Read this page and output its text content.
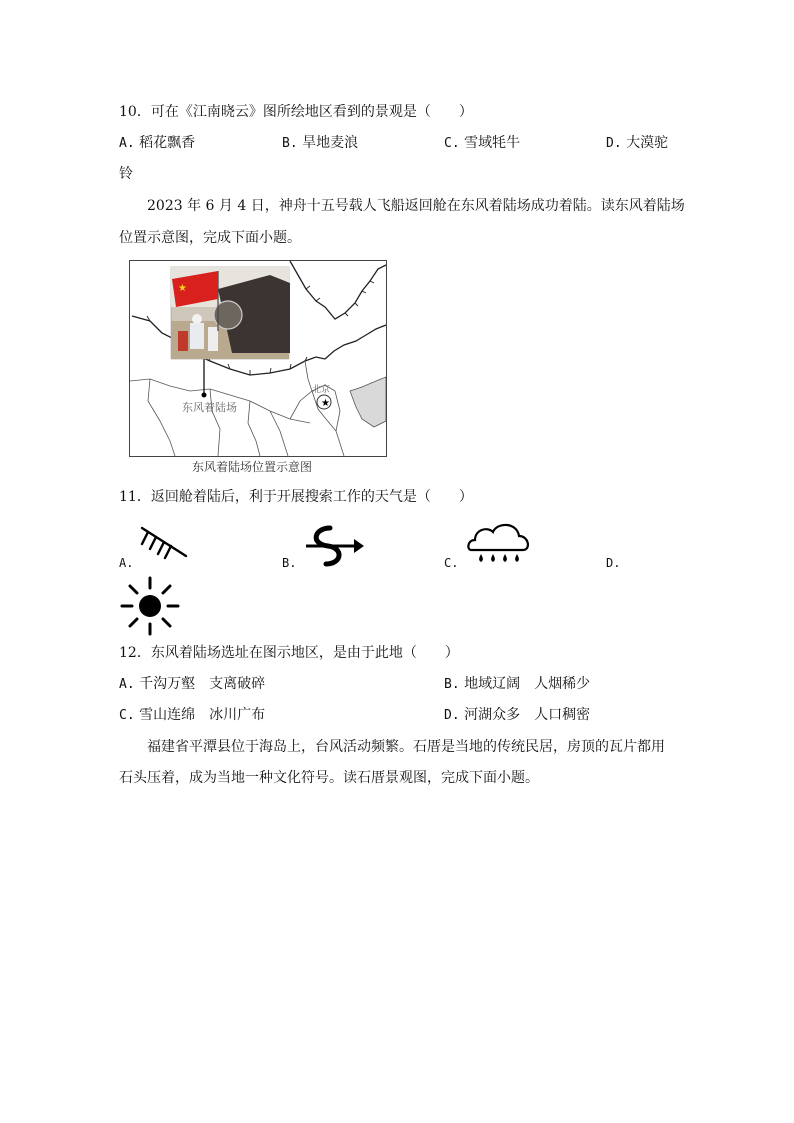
10．可在《江南晓云》图所绘地区看到的景观是（　　）
A. 稻花飘香	B. 旱地麦浪	C. 雪域牦牛	D. 大漠驼
铃
2023 年 6 月 4 日，神舟十五号载人飞船返回舱在东风着陆场成功着陆。读东风着陆场
位置示意图，完成下面小题。
★
★
东风着陆场
北京
东风着陆场位置示意图
11．返回舱着陆后，利于开展搜索工作的天气是（　　）
A.	B.	C.	D.
12．东风着陆场选址在图示地区，是由于此地（　　）
A. 千沟万壑 支离破碎	B. 地域辽阔 人烟稀少
C. 雪山连绵 冰川广布	D. 河湖众多 人口稠密
福建省平潭县位于海岛上，台风活动频繁。石厝是当地的传统民居，房顶的瓦片都用
石头压着，成为当地一种文化符号。读石厝景观图，完成下面小题。
